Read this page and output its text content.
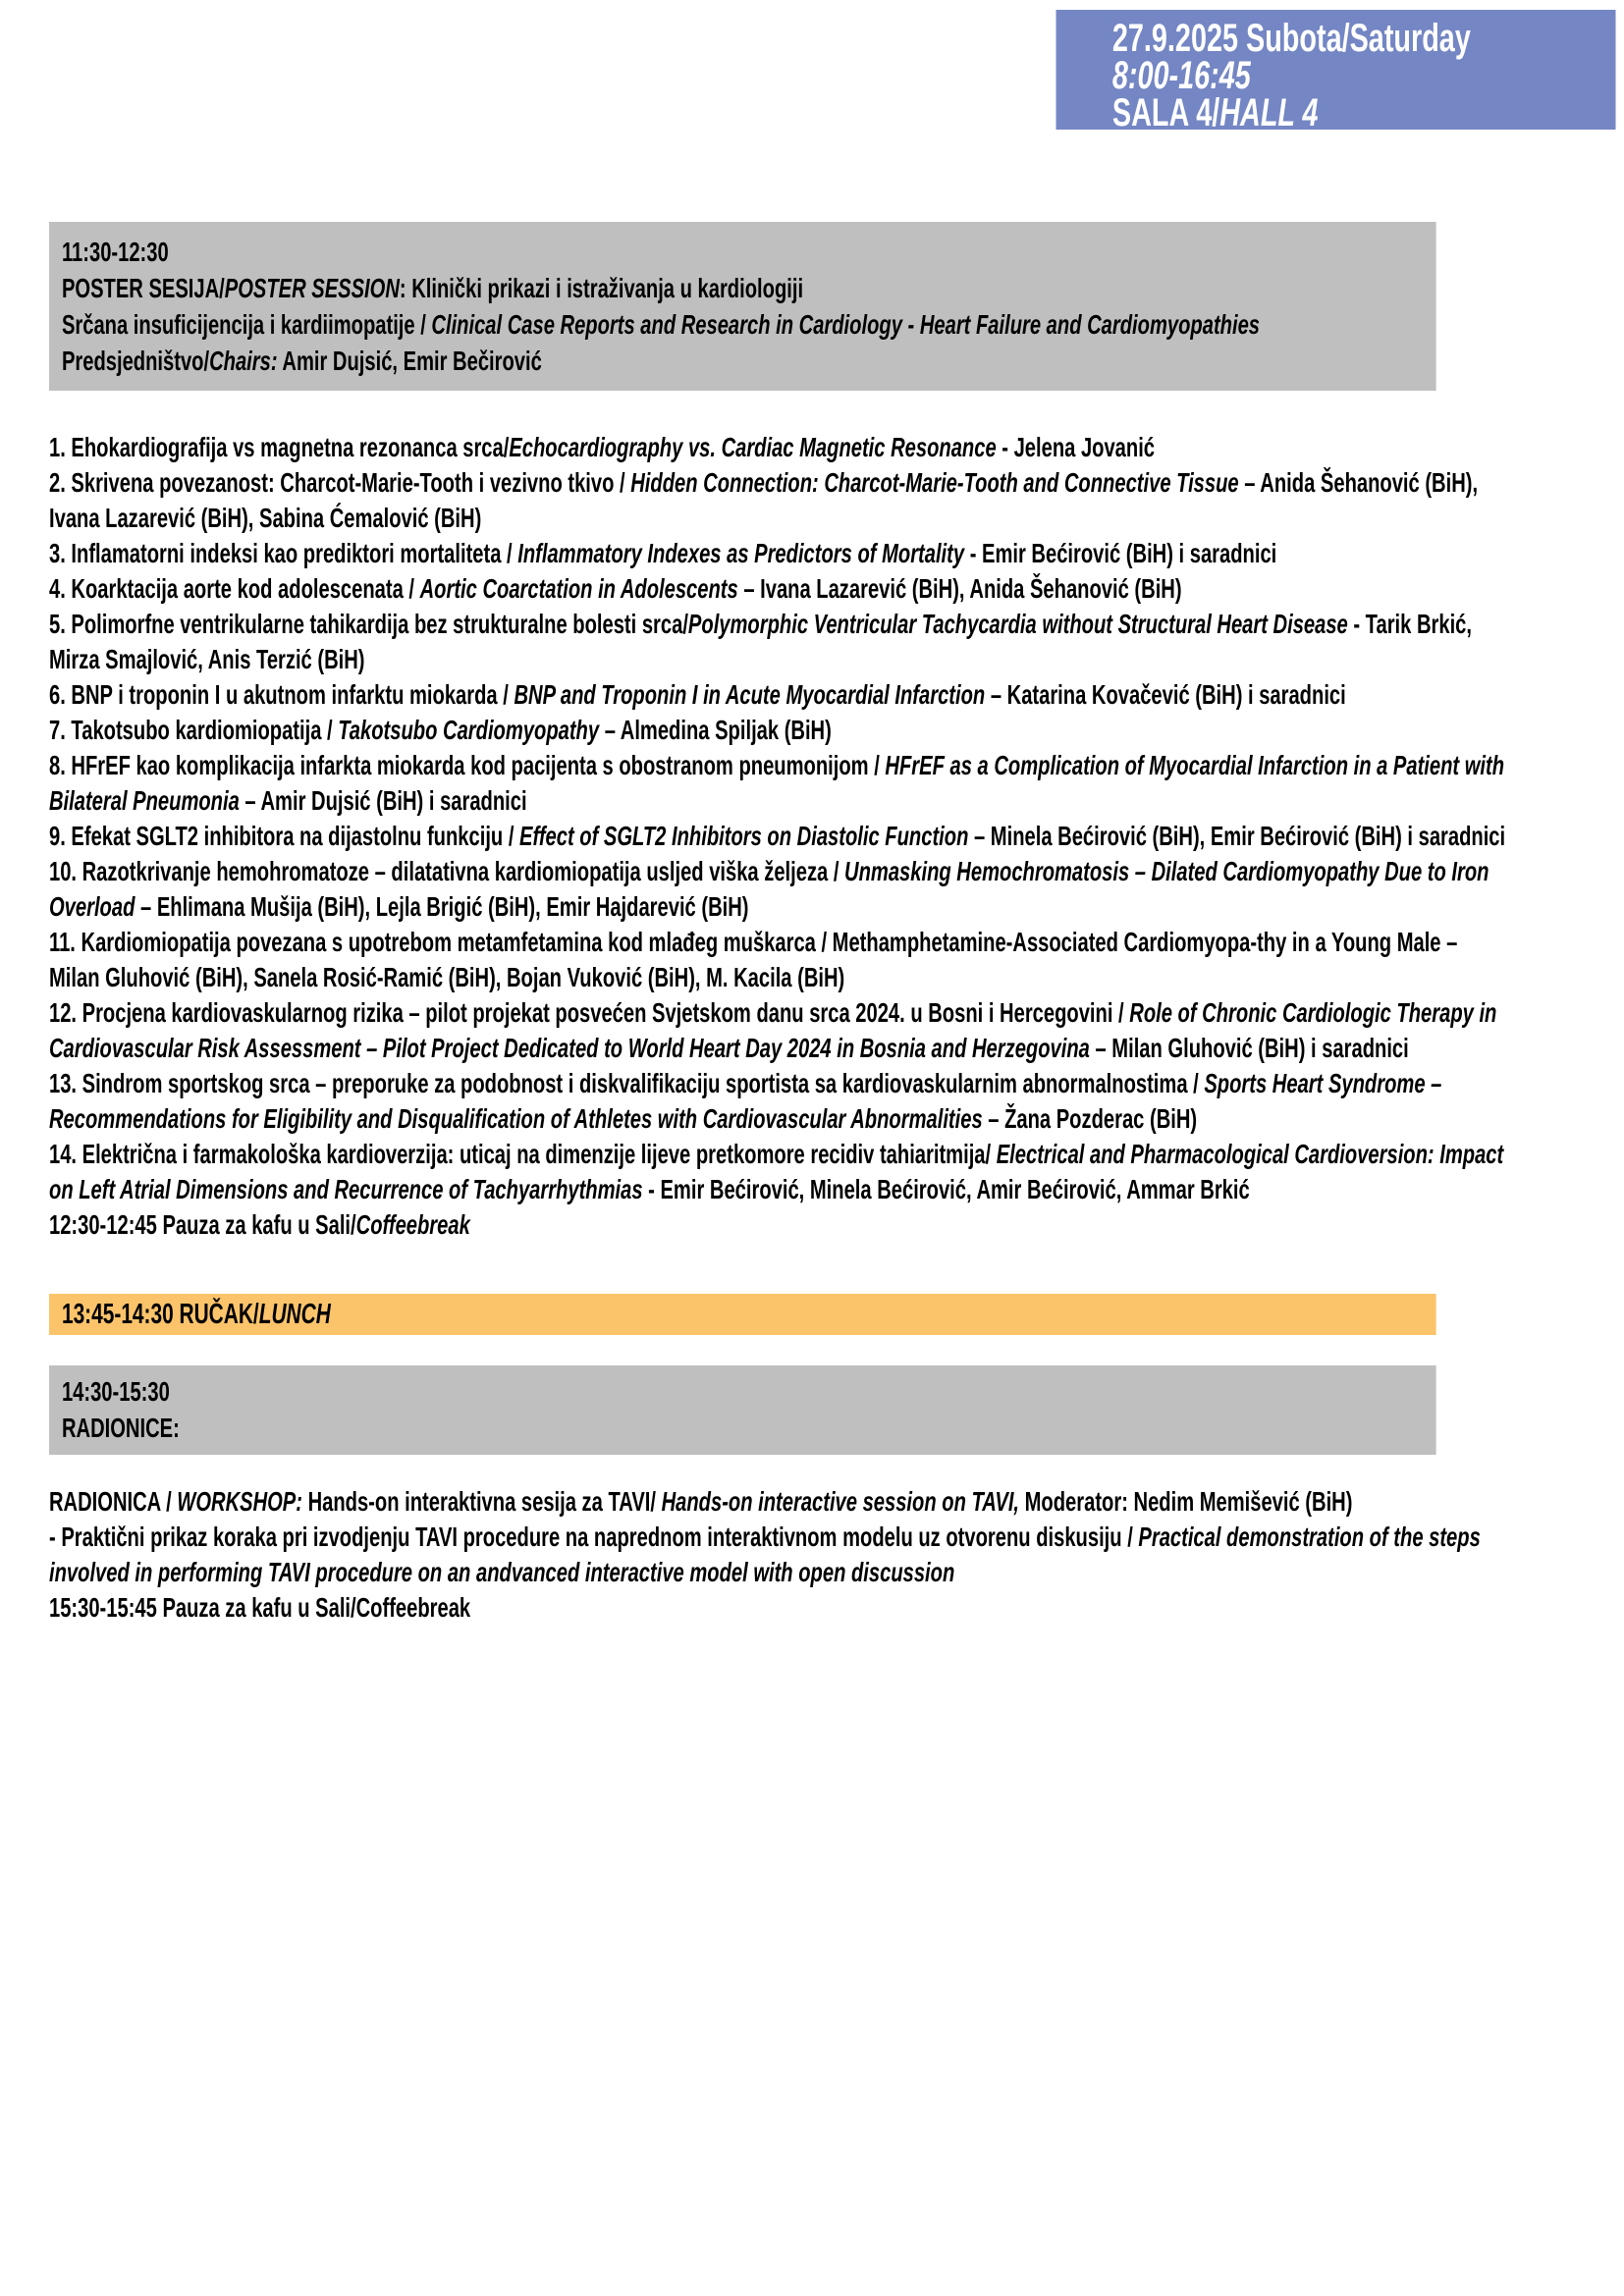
27.9.2025 Subota/Saturday

8:00-16:45

SALA 4/HALL 4

11:30-12:30

POSTER SESIJA/POSTER SESSION: Klinički prikazi i istraživanja u kardiologiji

Srčana insuficijencija i kardiimopatije / Clinical Case Reports and Research in Cardiology - Heart Failure and Cardiomyopathies

Predsjedništvo/Chairs: Amir Dujsić, Emir Bečirović

1. Ehokardiografija vs magnetna rezonanca srca/Echocardiography vs. Cardiac Magnetic Resonance - Jelena Jovanić

2. Skrivena povezanost: Charcot-Marie-Tooth i vezivno tkivo / Hidden Connection: Charcot-Marie-Tooth and Connective Tissue – Anida Šehanović (BiH), Ivana Lazarević (BiH), Sabina Ćemalović (BiH)

3. Inflamatorni indeksi kao prediktori mortaliteta / Inflammatory Indexes as Predictors of Mortality - Emir Bećirović (BiH) i saradnici

4. Koarktacija aorte kod adolescenata / Aortic Coarctation in Adolescents – Ivana Lazarević (BiH), Anida Šehanović (BiH)

5. Polimorfne ventrikularne tahikardija bez strukturalne bolesti srca/Polymorphic Ventricular Tachycardia without Structural Heart Disease - Tarik Brkić, Mirza Smajlović, Anis Terzić (BiH)

6. BNP i troponin I u akutnom infarktu miokarda / BNP and Troponin I in Acute Myocardial Infarction – Katarina Kovačević (BiH) i saradnici

7. Takotsubo kardiomiopatija / Takotsubo Cardiomyopathy – Almedina Spiljak (BiH)

8. HFrEF kao komplikacija infarkta miokarda kod pacijenta s obostranom pneumonijom / HFrEF as a Complication of Myocardial Infarction in a Patient with Bilateral Pneumonia – Amir Dujsić (BiH) i saradnici

9. Efekat SGLT2 inhibitora na dijastolnu funkciju / Effect of SGLT2 Inhibitors on Diastolic Function – Minela Bećirović (BiH), Emir Bećirović (BiH) i saradnici

10. Razotkrivanje hemohromatoze – dilatativna kardiomiopatija usljed viška željeza / Unmasking Hemochromatosis – Dilated Cardiomyopathy Due to Iron Overload – Ehlimana Mušija (BiH), Lejla Brigić (BiH), Emir Hajdarević (BiH)

11. Kardiomiopatija povezana s upotrebom metamfetamina kod mlađeg muškarca / Methamphetamine-Associated Cardiomyopa-thy in a Young Male – Milan Gluhović (BiH), Sanela Rosić-Ramić (BiH), Bojan Vuković (BiH), M. Kacila (BiH)

12. Procjena kardiovaskularnog rizika – pilot projekat posvećen Svjetskom danu srca 2024. u Bosni i Hercegovini / Role of Chronic Cardiologic Therapy in Cardiovascular Risk Assessment – Pilot Project Dedicated to World Heart Day 2024 in Bosnia and Herzegovina – Milan Gluhović (BiH) i saradnici

13. Sindrom sportskog srca – preporuke za podobnost i diskvalifikaciju sportista sa kardiovaskularnim abnormalnostima / Sports Heart Syndrome – Recommendations for Eligibility and Disqualification of Athletes with Cardiovascular Abnormalities – Žana Pozderac (BiH)

14. Električna i farmakološka kardioverzija: uticaj na dimenzije lijeve pretkomore recidiv tahiaritmija/ Electrical and Pharmacological Cardioversion: Impact on Left Atrial Dimensions and Recurrence of Tachyarrhythmias - Emir Bećirović, Minela Bećirović, Amir Bećirović, Ammar Brkić

12:30-12:45 Pauza za kafu u Sali/Coffeebreak

13:45-14:30 RUČAK/LUNCH

14:30-15:30

RADIONICE:

RADIONICA / WORKSHOP: Hands-on interaktivna sesija za TAVI/ Hands-on interactive session on TAVI, Moderator: Nedim Memišević (BiH)

- Praktični prikaz koraka pri izvodjenju TAVI procedure na naprednom interaktivnom modelu uz otvorenu diskusiju / Practical demonstration of the steps involved in performing TAVI procedure on an andvanced interactive model with open discussion

15:30-15:45 Pauza za kafu u Sali/Coffeebreak
